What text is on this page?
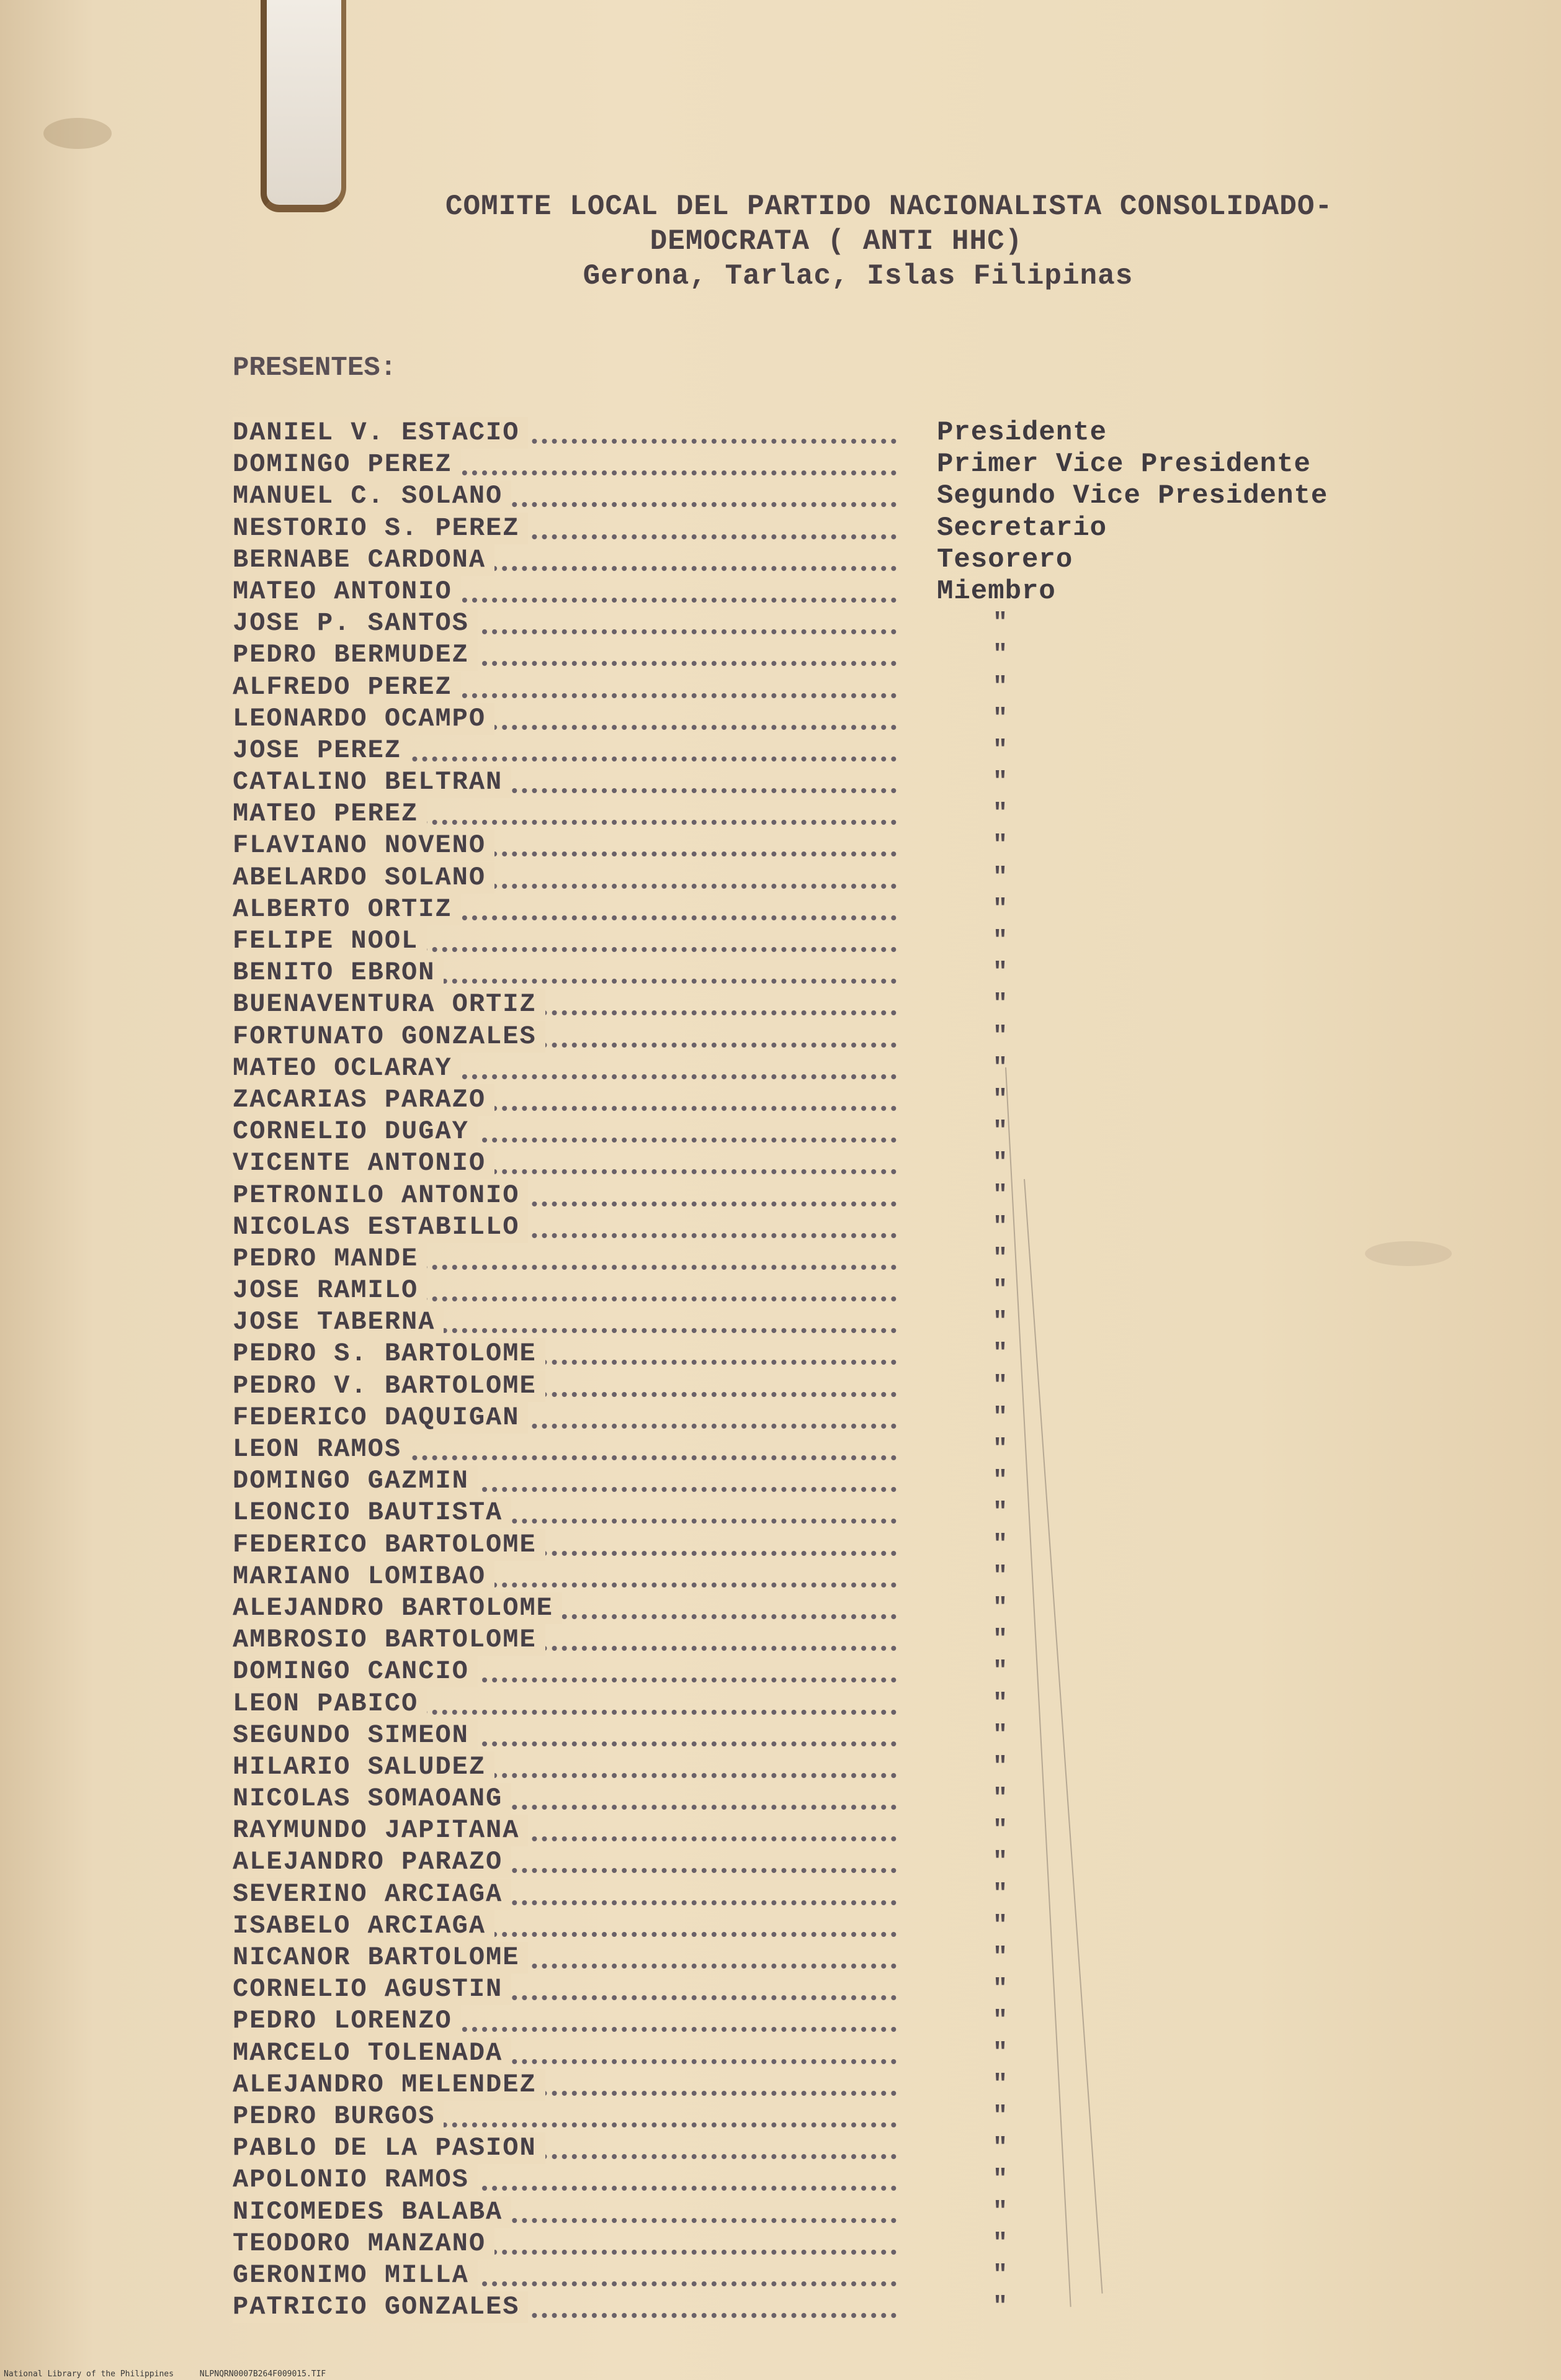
COMITE LOCAL DEL PARTIDO NACIONALISTA CONSOLIDADO-
DEMOCRATA ( ANTI HHC)
Gerona, Tarlac, Islas Filipinas
PRESENTES:
DANIEL V. ESTACIO	Presidente
DOMINGO PEREZ	Primer Vice Presidente
MANUEL C. SOLANO	Segundo Vice Presidente
NESTORIO S. PEREZ	Secretario
BERNABE CARDONA	Tesorero
MATEO ANTONIO	Miembro
JOSE P. SANTOS	"
PEDRO BERMUDEZ	"
ALFREDO PEREZ	"
LEONARDO OCAMPO	"
JOSE PEREZ	"
CATALINO BELTRAN	"
MATEO PEREZ	"
FLAVIANO NOVENO	"
ABELARDO SOLANO	"
ALBERTO ORTIZ	"
FELIPE NOOL	"
BENITO EBRON	"
BUENAVENTURA ORTIZ	"
FORTUNATO GONZALES	"
MATEO OCLARAY	"
ZACARIAS PARAZO	"
CORNELIO DUGAY	"
VICENTE ANTONIO	"
PETRONILO ANTONIO	"
NICOLAS ESTABILLO	"
PEDRO MANDE	"
JOSE RAMILO	"
JOSE TABERNA	"
PEDRO S. BARTOLOME	"
PEDRO V. BARTOLOME	"
FEDERICO DAQUIGAN	"
LEON RAMOS	"
DOMINGO GAZMIN	"
LEONCIO BAUTISTA	"
FEDERICO BARTOLOME	"
MARIANO LOMIBAO	"
ALEJANDRO BARTOLOME	"
AMBROSIO BARTOLOME	"
DOMINGO CANCIO	"
LEON PABICO	"
SEGUNDO SIMEON	"
HILARIO SALUDEZ	"
NICOLAS SOMAOANG	"
RAYMUNDO JAPITANA	"
ALEJANDRO PARAZO	"
SEVERINO ARCIAGA	"
ISABELO ARCIAGA	"
NICANOR BARTOLOME	"
CORNELIO AGUSTIN	"
PEDRO LORENZO	"
MARCELO TOLENADA	"
ALEJANDRO MELENDEZ	"
PEDRO BURGOS	"
PABLO DE LA PASION	"
APOLONIO RAMOS	"
NICOMEDES BALABA	"
TEODORO MANZANO	"
GERONIMO MILLA	"
PATRICIO GONZALES	"
National Library of the Philippines	NLPNQRN0007B264F009015.TIF
